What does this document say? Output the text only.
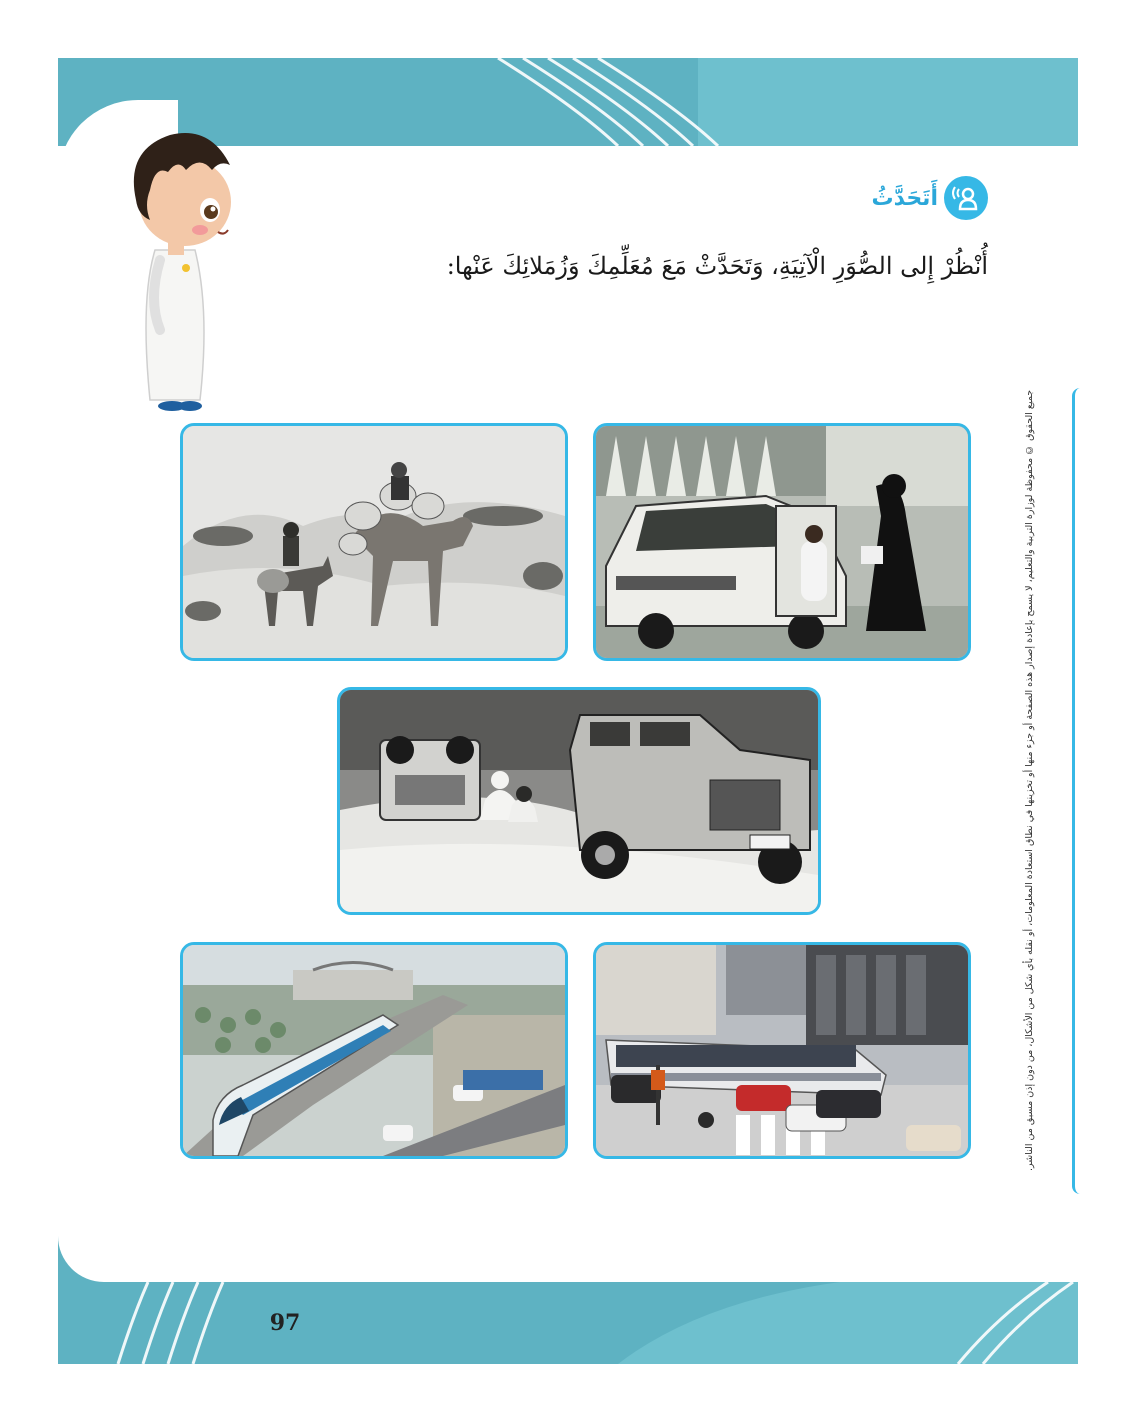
97
أَتَحَدَّثُ
أُنْظُرْ إِلى الصُّوَرِ الْآتِيَةِ، وَتَحَدَّثْ مَعَ مُعَلِّمِكَ وَزُمَلائِكَ عَنْها:
جميع الحقوق © محفوظة لوزارة التربية والتعليم، لا يسمح بإعادة إصدار هذه الصفحة أو جزء منها أو تخزينها في نطاق استعادة المعلومات، أو نقله بأي شكل من الأشكال، من دون إذن مسبق من الناشر.
